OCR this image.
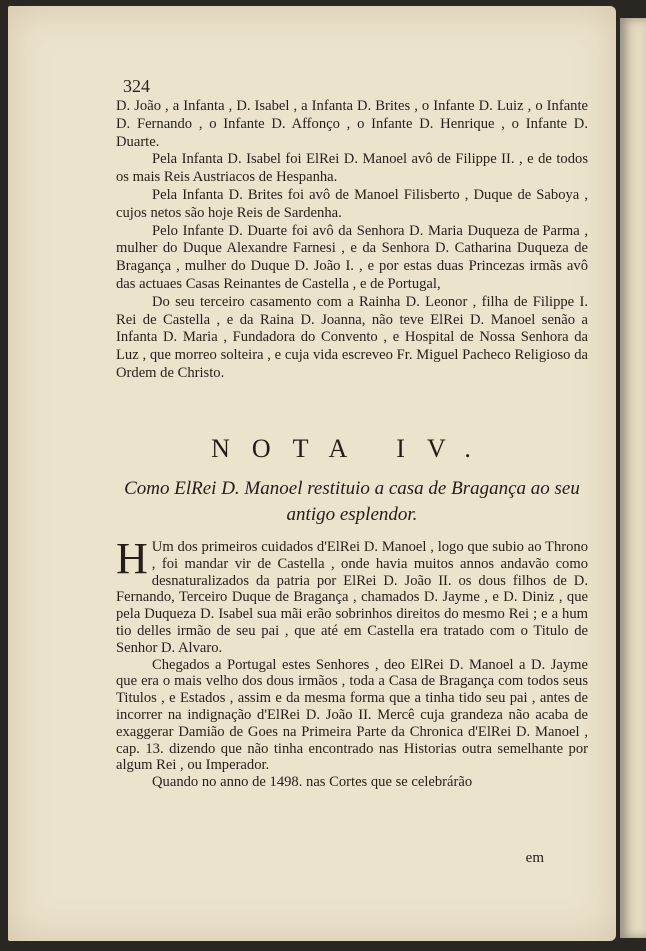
324

D. João , a Infanta , D. Isabel , a Infanta D. Brites , o Infante D. Luiz , o Infante D. Fernando , o Infante D. Affonço , o Infante D. Henrique , o Infante D. Duarte.

Pela Infanta D. Isabel foi ElRei D. Manoel avô de Filippe II. , e de todos os mais Reis Austriacos de Hespanha.

Pela Infanta D. Brites foi avô de Manoel Filisberto , Duque de Saboya , cujos netos são hoje Reis de Sardenha.

Pelo Infante D. Duarte foi avô da Senhora D. Maria Duqueza de Parma , mulher do Duque Alexandre Farnesi , e da Senhora D. Catharina Duqueza de Bragança , mulher do Duque D. João I. , e por estas duas Princezas irmãs avô das actuaes Casas Reinantes de Castella , e de Portugal,

Do seu terceiro casamento com a Rainha D. Leonor , filha de Filippe I. Rei de Castella , e da Raina D. Joanna, não teve ElRei D. Manoel senão a Infanta D. Maria , Fundadora do Convento , e Hospital de Nossa Senhora da Luz , que morreo solteira , e cuja vida escreveo Fr. Miguel Pacheco Religioso da Ordem de Christo.

NOTA IV.
Como ElRei D. Manoel restituio a casa de Bragança ao seu antigo esplendor.

H Um dos primeiros cuidados d'ElRei D. Manoel , logo que subio ao Throno , foi mandar vir de Castella , onde havia muitos annos andavão como desnaturalizados da patria por ElRei D. João II. os dous filhos de D. Fernando, Terceiro Duque de Bragança , chamados D. Jayme , e D. Diniz , que pela Duqueza D. Isabel sua mãi erão sobrinhos direitos do mesmo Rei ; e a hum tio delles irmão de seu pai , que até em Castella era tratado com o Titulo de Senhor D. Alvaro.

Chegados a Portugal estes Senhores , deo ElRei D. Manoel a D. Jayme que era o mais velho dos dous irmãos , toda a Casa de Bragança com todos seus Titulos , e Estados , assim e da mesma forma que a tinha tido seu pai , antes de incorrer na indignação d'ElRei D. João II. Mercê cuja grandeza não acaba de exaggerar Damião de Goes na Primeira Parte da Chronica d'ElRei D. Manoel , cap. 13. dizendo que não tinha encontrado nas Historias outra semelhante por algum Rei , ou Imperador.

Quando no anno de 1498. nas Cortes que se celebrárão

em
